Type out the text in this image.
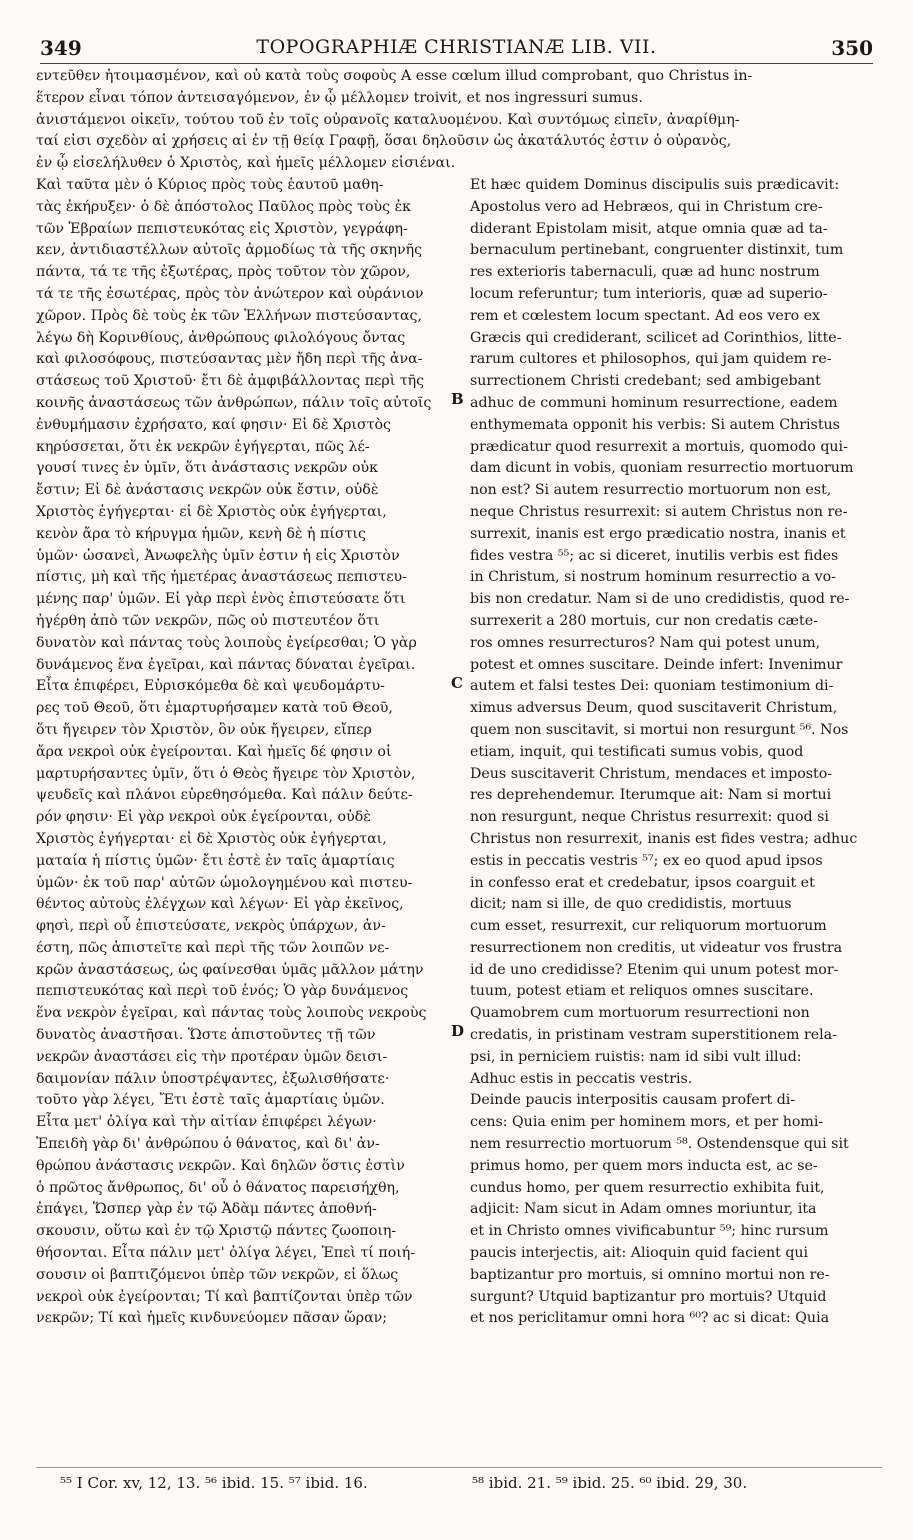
349	TOPOGRAPHIÆ CHRISTIANÆ LIB. VII.	350
εντεῦθεν ἡτοιμασμένον, καὶ οὐ κατὰ τοὺς σοφοὺς A esse cœlum illud comprobant, quo Christus in-
ἕτερον εἶναι τόπον ἀντεισαγόμενον, ἐν ᾧ μέλλομεν troivit, et nos ingressuri sumus.
ἀνιστάμενοι οἰκεῖν, τούτου τοῦ ἐν τοῖς οὐρανοῖς καταλυομένου. Καὶ συντόμως εἰπεῖν, ἀναρίθμη-
ταί εἰσι σχεδὸν αἱ χρήσεις αἱ ἐν τῇ θείᾳ Γραφῇ, ὅσαι δηλοῦσιν ὡς ἀκατάλυτός ἐστιν ὁ οὐρανὸς,
ἐν ᾧ εἰσελήλυθεν ὁ Χριστὸς, καὶ ἡμεῖς μέλλομεν εἰσιέναι.
Καὶ ταῦτα μὲν ὁ Κύριος πρὸς τοὺς ἑαυτοῦ μαθη-
τὰς ἐκήρυξεν· ὁ δὲ ἀπόστολος Παῦλος πρὸς τοὺς ἐκ
τῶν Ἑβραίων πεπιστευκότας εἰς Χριστὸν, γεγράφη-
κεν, ἀντιδιαστέλλων αὐτοῖς ἁρμοδίως τὰ τῆς σκηνῆς
πάντα, τά τε τῆς ἐξωτέρας, πρὸς τοῦτον τὸν χῶρον,
τά τε τῆς ἐσωτέρας, πρὸς τὸν ἀνώτερον καὶ οὐράνιον
χῶρον. Πρὸς δὲ τοὺς ἐκ τῶν Ἑλλήνων πιστεύσαντας,
λέγω δὴ Κορινθίους, ἀνθρώπους φιλολόγους ὄντας
καὶ φιλοσόφους, πιστεύσαντας μὲν ἤδη περὶ τῆς ἀνα-
στάσεως τοῦ Χριστοῦ· ἔτι δὲ ἀμφιβάλλοντας περὶ τῆς
κοινῆς ἀναστάσεως τῶν ἀνθρώπων, πάλιν τοῖς αὐτοῖς
ἐνθυμήμασιν ἐχρήσατο, καί φησιν· Εἰ δὲ Χριστὸς
κηρύσσεται, ὅτι ἐκ νεκρῶν ἐγήγερται, πῶς λέ-
γουσί τινες ἐν ὑμῖν, ὅτι ἀνάστασις νεκρῶν οὐκ
ἔστιν; Εἰ δὲ ἀνάστασις νεκρῶν οὐκ ἔστιν, οὐδὲ
Χριστὸς ἐγήγερται· εἰ δὲ Χριστὸς οὐκ ἐγήγερται,
κενὸν ἄρα τὸ κήρυγμα ἡμῶν, κενὴ δὲ ἡ πίστις
ὑμῶν· ὡσανεὶ, Ἀνωφελὴς ὑμῖν ἐστιν ἡ εἰς Χριστὸν
πίστις, μὴ καὶ τῆς ἡμετέρας ἀναστάσεως πεπιστευ-
μένης παρ' ὑμῶν. Εἰ γὰρ περὶ ἑνὸς ἐπιστεύσατε ὅτι
ἠγέρθη ἀπὸ τῶν νεκρῶν, πῶς οὐ πιστευτέον ὅτι
δυνατὸν καὶ πάντας τοὺς λοιποὺς ἐγείρεσθαι; Ὁ γὰρ
δυνάμενος ἕνα ἐγεῖραι, καὶ πάντας δύναται ἐγεῖραι.
Εἶτα ἐπιφέρει, Εὑρισκόμεθα δὲ καὶ ψευδομάρτυ-
ρες τοῦ Θεοῦ, ὅτι ἐμαρτυρήσαμεν κατὰ τοῦ Θεοῦ,
ὅτι ἤγειρεν τὸν Χριστὸν, ὃν οὐκ ἤγειρεν, εἴπερ
ἄρα νεκροὶ οὐκ ἐγείρονται. Καὶ ἡμεῖς δέ φησιν οἱ
μαρτυρήσαντες ὑμῖν, ὅτι ὁ Θεὸς ἤγειρε τὸν Χριστὸν,
ψευδεῖς καὶ πλάνοι εὑρεθησόμεθα. Καὶ πάλιν δεύτε-
ρόν φησιν· Εἰ γὰρ νεκροὶ οὐκ ἐγείρονται, οὐδὲ
Χριστὸς ἐγήγερται· εἰ δὲ Χριστὸς οὐκ ἐγήγερται,
ματαία ἡ πίστις ὑμῶν· ἔτι ἐστὲ ἐν ταῖς ἁμαρτίαις
ὑμῶν· ἐκ τοῦ παρ' αὐτῶν ὡμολογημένου καὶ πιστευ-
θέντος αὐτοὺς ἐλέγχων καὶ λέγων· Εἰ γὰρ ἐκεῖνος,
φησὶ, περὶ οὗ ἐπιστεύσατε, νεκρὸς ὑπάρχων, ἀν-
έστη, πῶς ἀπιστεῖτε καὶ περὶ τῆς τῶν λοιπῶν νε-
κρῶν ἀναστάσεως, ὡς φαίνεσθαι ὑμᾶς μᾶλλον μάτην
πεπιστευκότας καὶ περὶ τοῦ ἑνός; Ὁ γὰρ δυνάμενος
ἕνα νεκρὸν ἐγεῖραι, καὶ πάντας τοὺς λοιποὺς νεκροὺς
δυνατὸς ἀναστῆσαι. Ὥστε ἀπιστοῦντες τῇ τῶν
νεκρῶν ἀναστάσει εἰς τὴν προτέραν ὑμῶν δεισι-
δαιμονίαν πάλιν ὑποστρέψαντες, ἐξωλισθήσατε·
τοῦτο γὰρ λέγει, Ἔτι ἐστὲ ταῖς ἁμαρτίαις ὑμῶν.
Εἶτα μετ' ὀλίγα καὶ τὴν αἰτίαν ἐπιφέρει λέγων·
Ἐπειδὴ γὰρ δι' ἀνθρώπου ὁ θάνατος, καὶ δι' ἀν-
θρώπου ἀνάστασις νεκρῶν. Καὶ δηλῶν ὅστις ἐστὶν
ὁ πρῶτος ἄνθρωπος, δι' οὗ ὁ θάνατος παρεισήχθη,
ἐπάγει, Ὥσπερ γὰρ ἐν τῷ Ἀδὰμ πάντες ἀποθνή-
σκουσιν, οὕτω καὶ ἐν τῷ Χριστῷ πάντες ζωοποιη-
θήσονται. Εἶτα πάλιν μετ' ὀλίγα λέγει, Ἐπεὶ τί ποιή-
σουσιν οἱ βαπτιζόμενοι ὑπὲρ τῶν νεκρῶν, εἰ ὅλως
νεκροὶ οὐκ ἐγείρονται; Τί καὶ βαπτίζονται ὑπὲρ τῶν
νεκρῶν; Τί καὶ ἡμεῖς κινδυνεύομεν πᾶσαν ὥραν;
Et hæc quidem Dominus discipulis suis prædicavit:
Apostolus vero ad Hebræos, qui in Christum cre-
diderant Epistolam misit, atque omnia quæ ad ta-
bernaculum pertinebant, congruenter distinxit, tum
res exterioris tabernaculi, quæ ad hunc nostrum
locum referuntur; tum interioris, quæ ad superio-
rem et cœlestem locum spectant. Ad eos vero ex
Græcis qui crediderant, scilicet ad Corinthios, litte-
rarum cultores et philosophos, qui jam quidem re-
surrectionem Christi credebant; sed ambigebant
adhuc de communi hominum resurrectione, eadem
enthymemata opponit his verbis: Si autem Christus
prædicatur quod resurrexit a mortuis, quomodo qui-
dam dicunt in vobis, quoniam resurrectio mortuorum
non est? Si autem resurrectio mortuorum non est,
neque Christus resurrexit: si autem Christus non re-
surrexit, inanis est ergo prædicatio nostra, inanis et
fides vestra ⁵⁵; ac si diceret, inutilis verbis est fides
in Christum, si nostrum hominum resurrectio a vo-
bis non credatur. Nam si de uno credidistis, quod re-
surrexerit a 280 mortuis, cur non credatis cæte-
ros omnes resurrecturos? Nam qui potest unum,
potest et omnes suscitare. Deinde infert: Invenimur
autem et falsi testes Dei: quoniam testimonium di-
ximus adversus Deum, quod suscitaverit Christum,
quem non suscitavit, si mortui non resurgunt ⁵⁶. Nos
etiam, inquit, qui testificati sumus vobis, quod
Deus suscitaverit Christum, mendaces et imposto-
res deprehendemur. Iterumque ait: Nam si mortui
non resurgunt, neque Christus resurrexit: quod si
Christus non resurrexit, inanis est fides vestra; adhuc
estis in peccatis vestris ⁵⁷; ex eo quod apud ipsos
in confesso erat et credebatur, ipsos coarguit et
dicit; nam si ille, de quo credidistis, mortuus
cum esset, resurrexit, cur reliquorum mortuorum
resurrectionem non creditis, ut videatur vos frustra
id de uno credidisse? Etenim qui unum potest mor-
tuum, potest etiam et reliquos omnes suscitare.
Quamobrem cum mortuorum resurrectioni non
credatis, in pristinam vestram superstitionem rela-
psi, in perniciem ruistis: nam id sibi vult illud:
Adhuc estis in peccatis vestris.
Deinde paucis interpositis causam profert di-
cens: Quia enim per hominem mors, et per homi-
nem resurrectio mortuorum ⁵⁸. Ostendensque qui sit
primus homo, per quem mors inducta est, ac se-
cundus homo, per quem resurrectio exhibita fuit,
adjicit: Nam sicut in Adam omnes moriuntur, ita
et in Christo omnes vivificabuntur ⁵⁹; hinc rursum
paucis interjectis, ait: Alioquin quid facient qui
baptizantur pro mortuis, si omnino mortui non re-
surgunt? Utquid baptizantur pro mortuis? Utquid
et nos periclitamur omni hora ⁶⁰? ac si dicat: Quia
B
C
D
⁵⁵ I Cor. xv, 12, 13. ⁵⁶ ibid. 15. ⁵⁷ ibid. 16.	⁵⁸ ibid. 21. ⁵⁹ ibid. 25. ⁶⁰ ibid. 29, 30.
